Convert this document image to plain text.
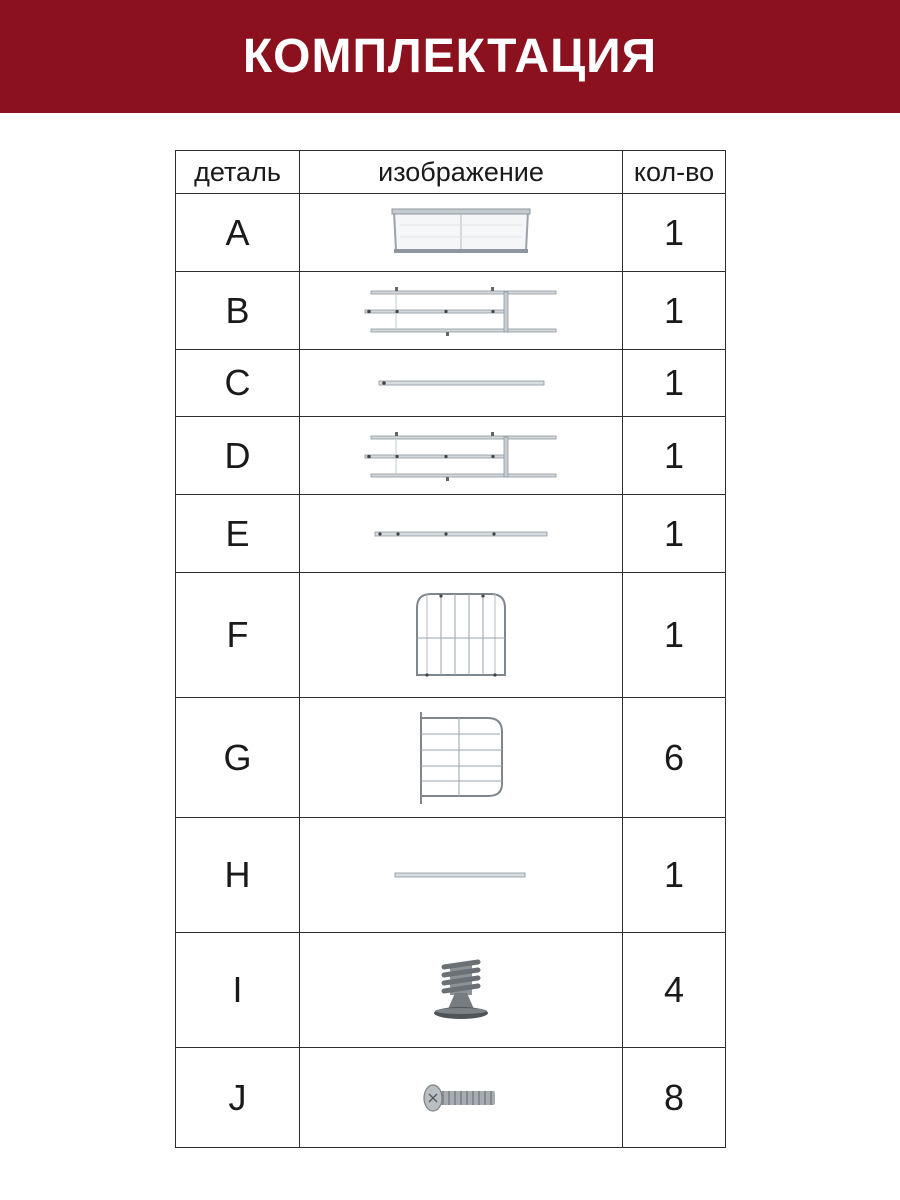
КОМПЛЕКТАЦИЯ
деталь	изображение	кол-во
A		1
B		1
C		1
D		1
E		1
F		1
G		6
H		1
I		4
J		8
